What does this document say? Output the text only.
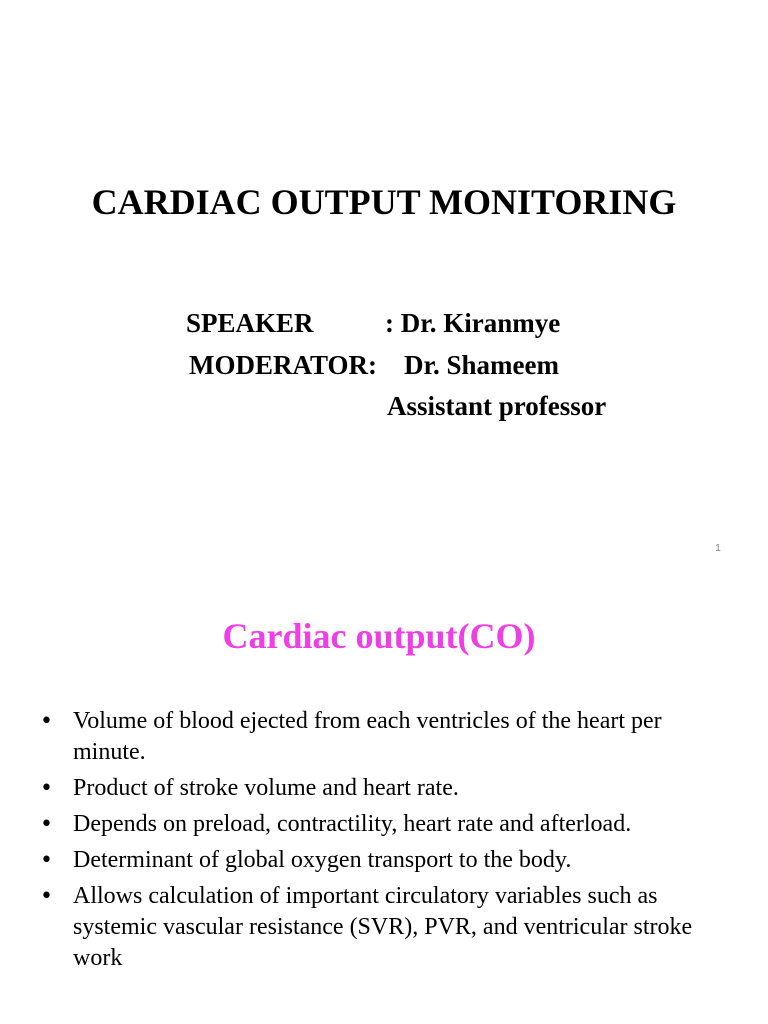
CARDIAC OUTPUT MONITORING
SPEAKER	: Dr. Kiranmye
MODERATOR: Dr. Shameem
Assistant professor
1
Cardiac output(CO)
• Volume of blood ejected from each ventricles of the heart per minute.
• Product of stroke volume and heart rate.
• Depends on preload, contractility, heart rate and afterload.
• Determinant of global oxygen transport to the body.
• Allows calculation of important circulatory variables such as systemic vascular resistance (SVR), PVR, and ventricular stroke work
